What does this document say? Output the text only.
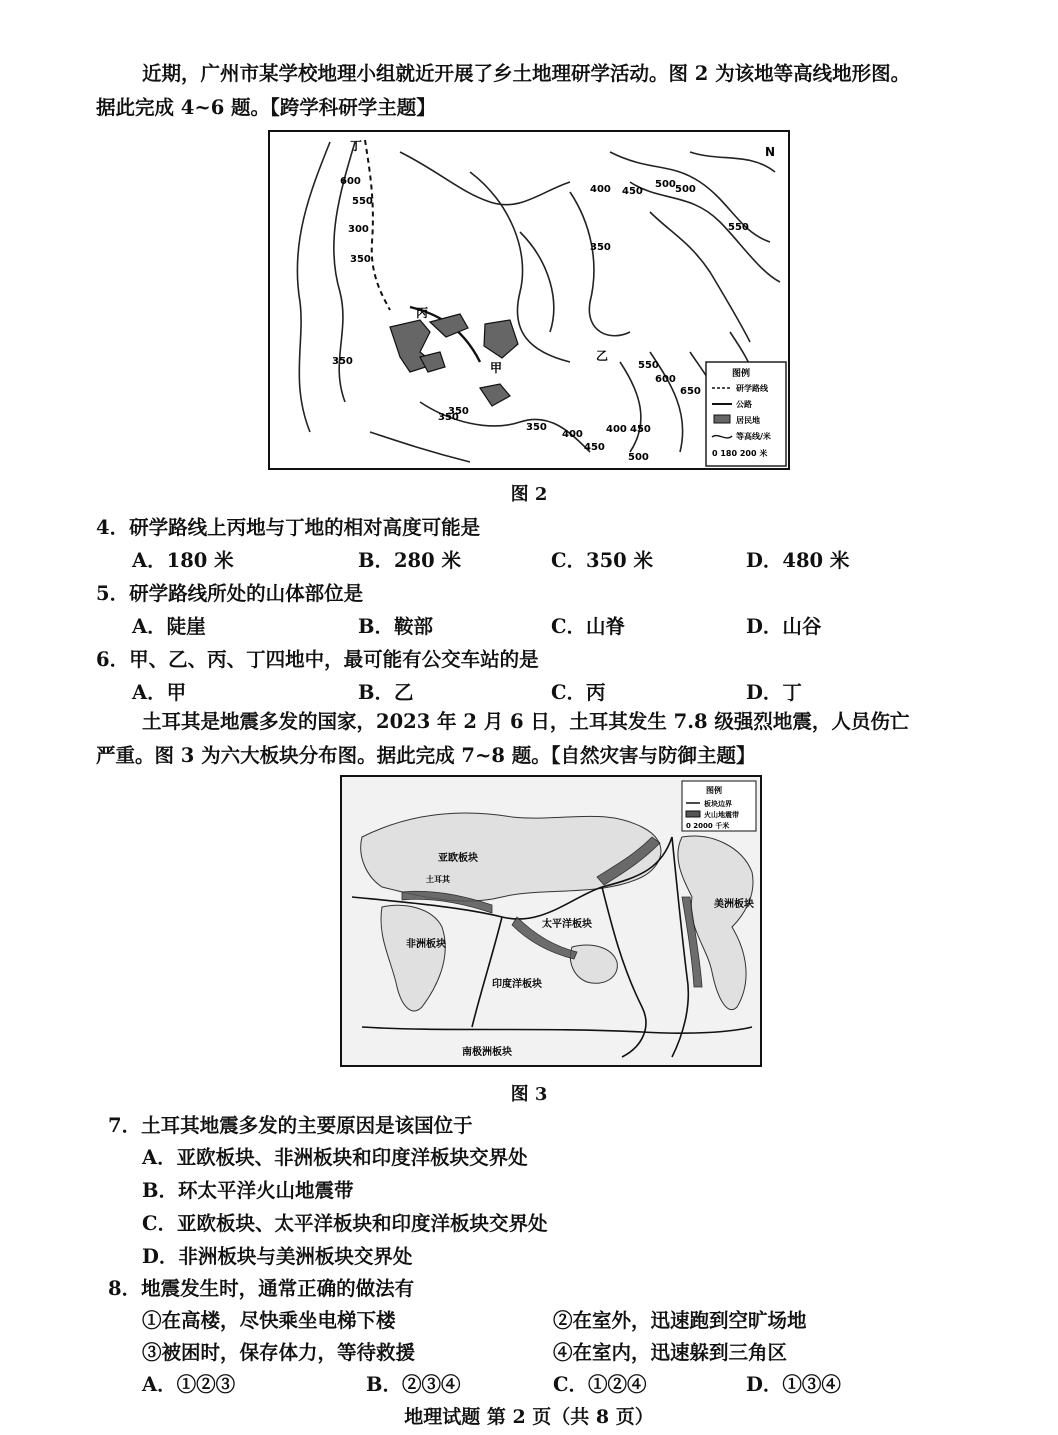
近期，广州市某学校地理小组就近开展了乡土地理研学活动。图 2 为该地等高线地形图。
据此完成 4~6 题。【跨学科研学主题】
丙
丁
甲
乙
600
550
500
450
400
350
300
350
350
350
350
400
450
500
550
600
650
500
450
400
550
350
N
图例
研学路线
公路
居民地
等高线/米
0 180 200 米
图 2
4．研学路线上丙地与丁地的相对高度可能是
A．180 米	B．280 米	C．350 米	D．480 米
5．研学路线所处的山体部位是
A．陡崖	B．鞍部	C．山脊	D．山谷
6．甲、乙、丙、丁四地中，最可能有公交车站的是
A．甲	B．乙	C．丙	D．丁
土耳其是地震多发的国家，2023 年 2 月 6 日，土耳其发生 7.8 级强烈地震，人员伤亡
严重。图 3 为六大板块分布图。据此完成 7~8 题。【自然灾害与防御主题】
亚欧板块
土耳其
非洲板块
太平洋板块
印度洋板块
美洲板块
南极洲板块
图例
板块边界
火山地震带
0 2000 千米
图 3
7．土耳其地震多发的主要原因是该国位于
A．亚欧板块、非洲板块和印度洋板块交界处
B．环太平洋火山地震带
C．亚欧板块、太平洋板块和印度洋板块交界处
D．非洲板块与美洲板块交界处
8．地震发生时，通常正确的做法有
①在高楼，尽快乘坐电梯下楼	②在室外，迅速跑到空旷场地
③被困时，保存体力，等待救援	④在室内，迅速躲到三角区
A．①②③	B．②③④	C．①②④	D．①③④
地理试题 第 2 页（共 8 页）
